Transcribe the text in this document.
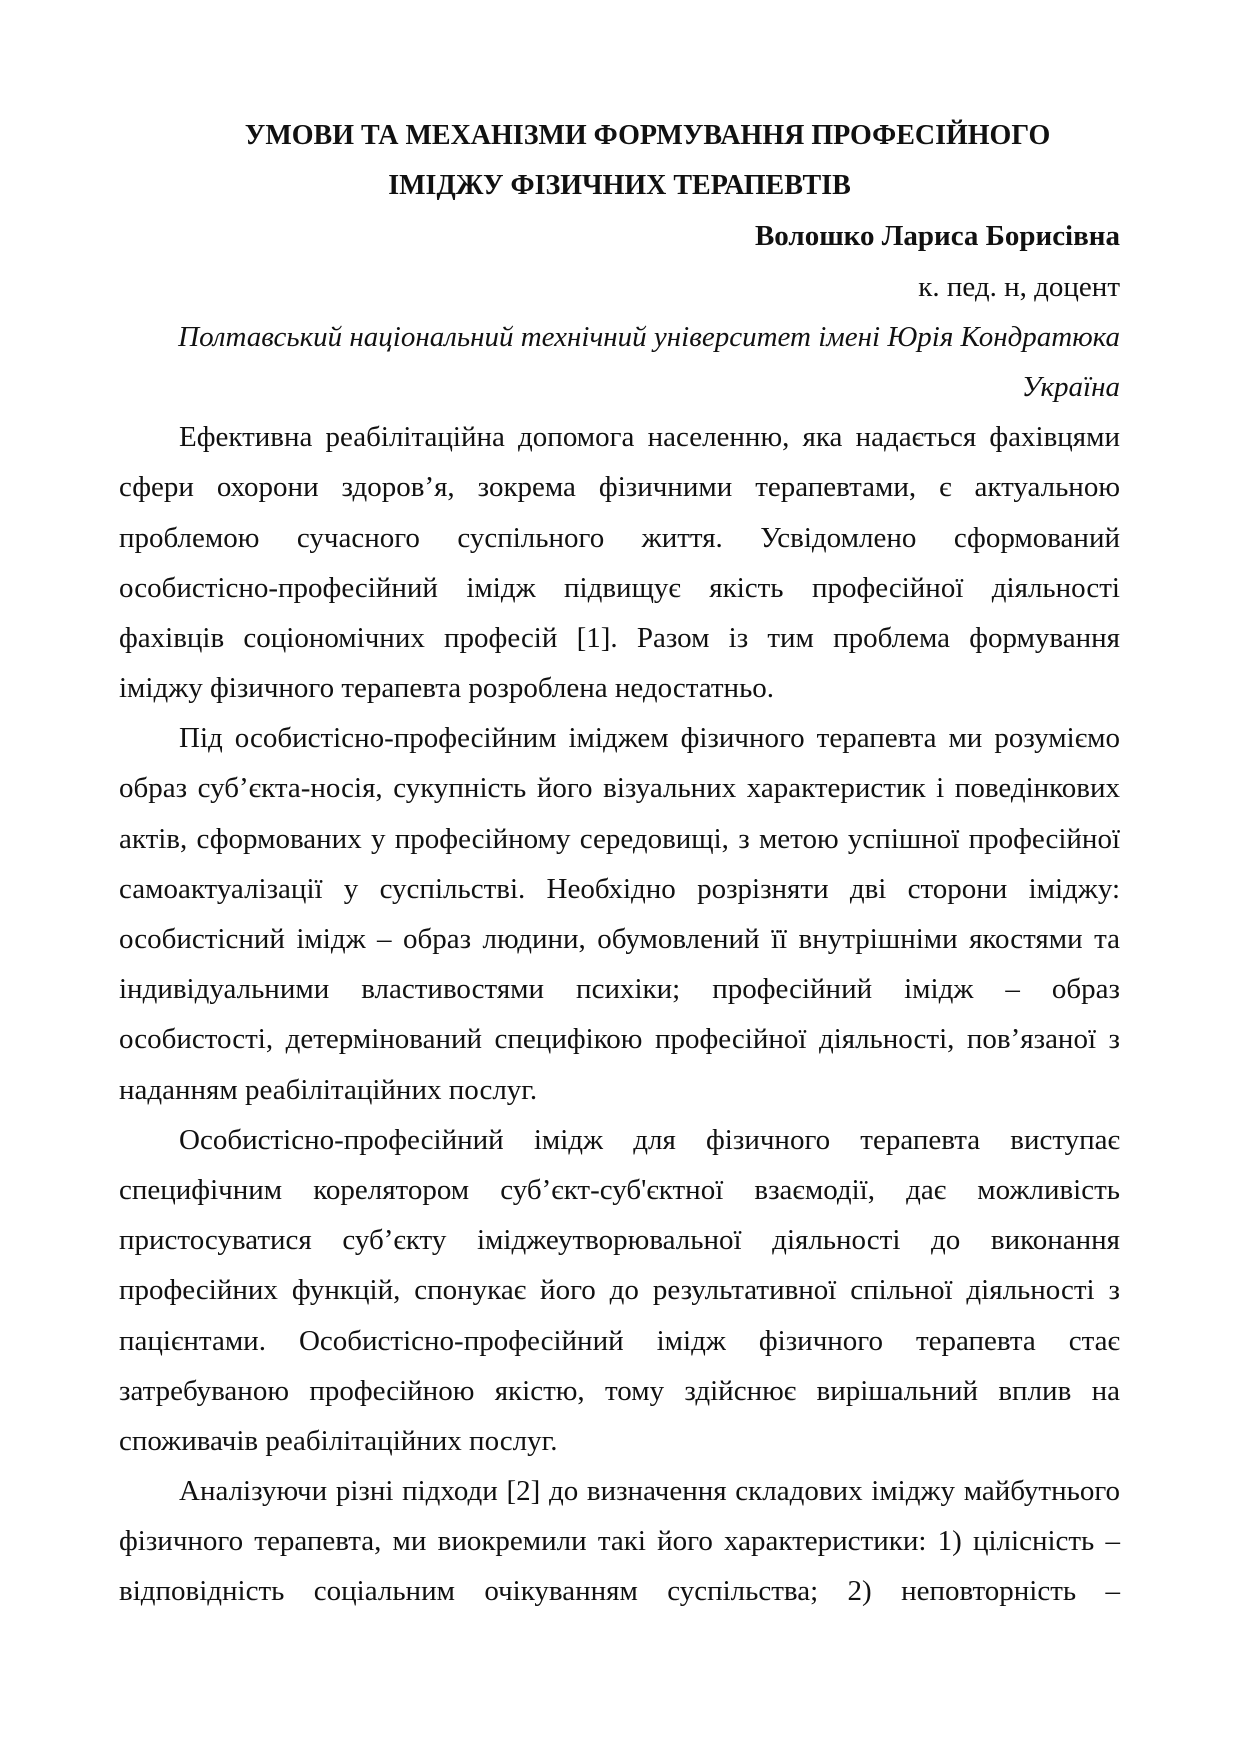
УМОВИ ТА МЕХАНІЗМИ ФОРМУВАННЯ ПРОФЕСІЙНОГО
ІМІДЖУ ФІЗИЧНИХ ТЕРАПЕВТІВ
Волошко Лариса Борисівна
к. пед. н, доцент
Полтавський національний технічний університет імені Юрія Кондратюка
Україна
Ефективна реабілітаційна допомога населенню, яка надається фахівцями
сфери охорони здоров’я, зокрема фізичними терапевтами, є актуальною
проблемою сучасного суспільного життя. Усвідомлено сформований
особистісно-професійний імідж підвищує якість професійної діяльності
фахівців соціономічних професій [1]. Разом із тим проблема формування
іміджу фізичного терапевта розроблена недостатньо.
Під особистісно-професійним іміджем фізичного терапевта ми розуміємо
образ суб’єкта-носія, сукупність його візуальних характеристик і поведінкових
актів, сформованих у професійному середовищі, з метою успішної професійної
самоактуалізації у суспільстві. Необхідно розрізняти дві сторони іміджу:
особистісний імідж – образ людини, обумовлений її внутрішніми якостями та
індивідуальними властивостями психіки; професійний імідж – образ
особистості, детермінований специфікою професійної діяльності, пов’язаної з
наданням реабілітаційних послуг.
Особистісно-професійний імідж для фізичного терапевта виступає
специфічним корелятором суб’єкт-суб'єктної взаємодії, дає можливість
пристосуватися суб’єкту іміджеутворювальної діяльності до виконання
професійних функцій, спонукає його до результативної спільної діяльності з
пацієнтами. Особистісно-професійний імідж фізичного терапевта стає
затребуваною професійною якістю, тому здійснює вирішальний вплив на
споживачів реабілітаційних послуг.
Аналізуючи різні підходи [2] до визначення складових іміджу майбутнього
фізичного терапевта, ми виокремили такі його характеристики: 1) цілісність –
відповідність соціальним очікуванням суспільства; 2) неповторність –
